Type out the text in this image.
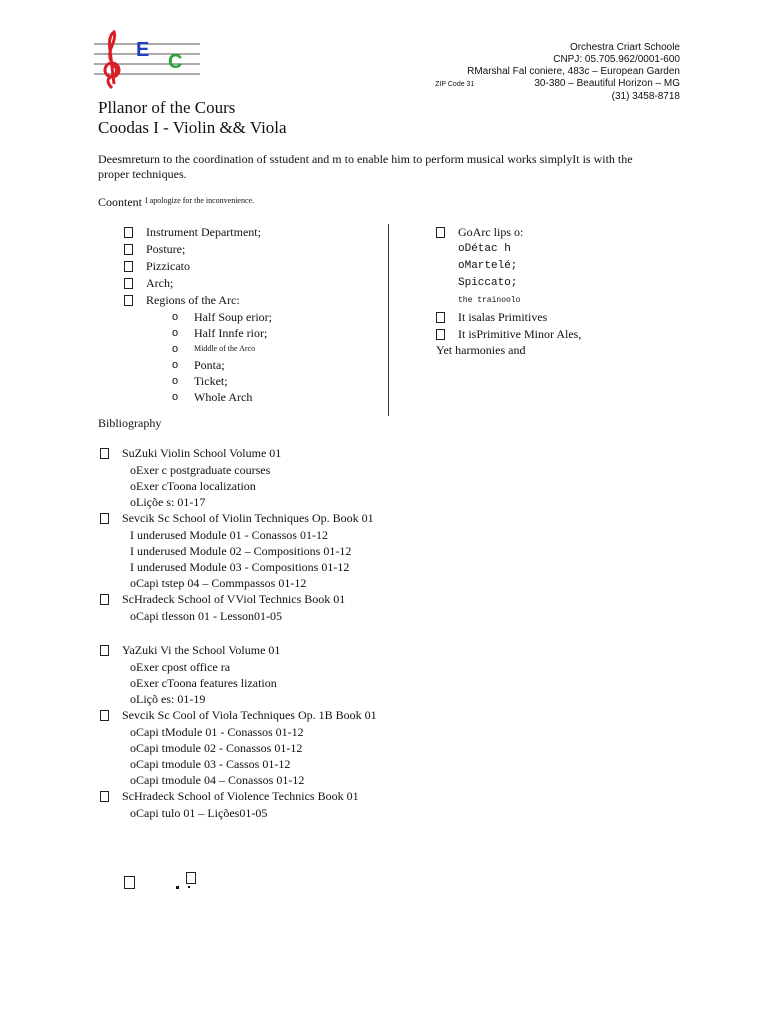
E
C
Orchestra Criart Schoole
CNPJ: 05.705.962/0001-600
RMarshal Fal coniere, 483c – European Garden
ZIP Code 31	30-380 – Beautiful Horizon – MG
(31) 3458-8718
Pllanor of the Cours
Coodas I - Violin && Viola
Deesmreturn to the coordination of sstudent and m to enable him to perform musical works simplyIt is with the proper techniques.
Coontent $^{I apologize for the inconvenience.}$
Instrument Department;
Posture;
Pizzicato
Arch;
Regions of the Arc:
o Half Soup erior;
o Half Innfe rior;
o Middle of the Arco
o Ponta;
o Ticket;
o Whole Arch
GoArc lips o:
oDétac h
oMartelé;
Spiccato;
the trainoolo
It isalas Primitives
It isPrimitive Minor Ales,
Yet harmonies and
Bibliography
SuZuki Violin School Volume 01
oExer c postgraduate courses
oExer cToona localization
oLiçõe s: 01-17
Sevcik Sc School of Violin Techniques Op. Book 01
I underused Module 01 - Conassos 01-12
I underused Module 02 – Compositions 01-12
I underused Module 03 - Compositions 01-12
oCapi tstep 04 – Commpassos 01-12
ScHradeck School of VViol Technics Book 01
oCapi tlesson 01 - Lesson01-05
YaZuki Vi the School Volume 01
oExer cpost office ra
oExer cToona features lization
oLiçõ es: 01-19
Sevcik Sc Cool of Viola Techniques Op. 1B Book 01
oCapi tModule 01 - Conassos 01-12
oCapi tmodule 02 - Conassos 01-12
oCapi tmodule 03 - Cassos 01-12
oCapi tmodule 04 – Conassos 01-12
ScHradeck School of Violence Technics Book 01
oCapi tulo 01 – Lições01-05
